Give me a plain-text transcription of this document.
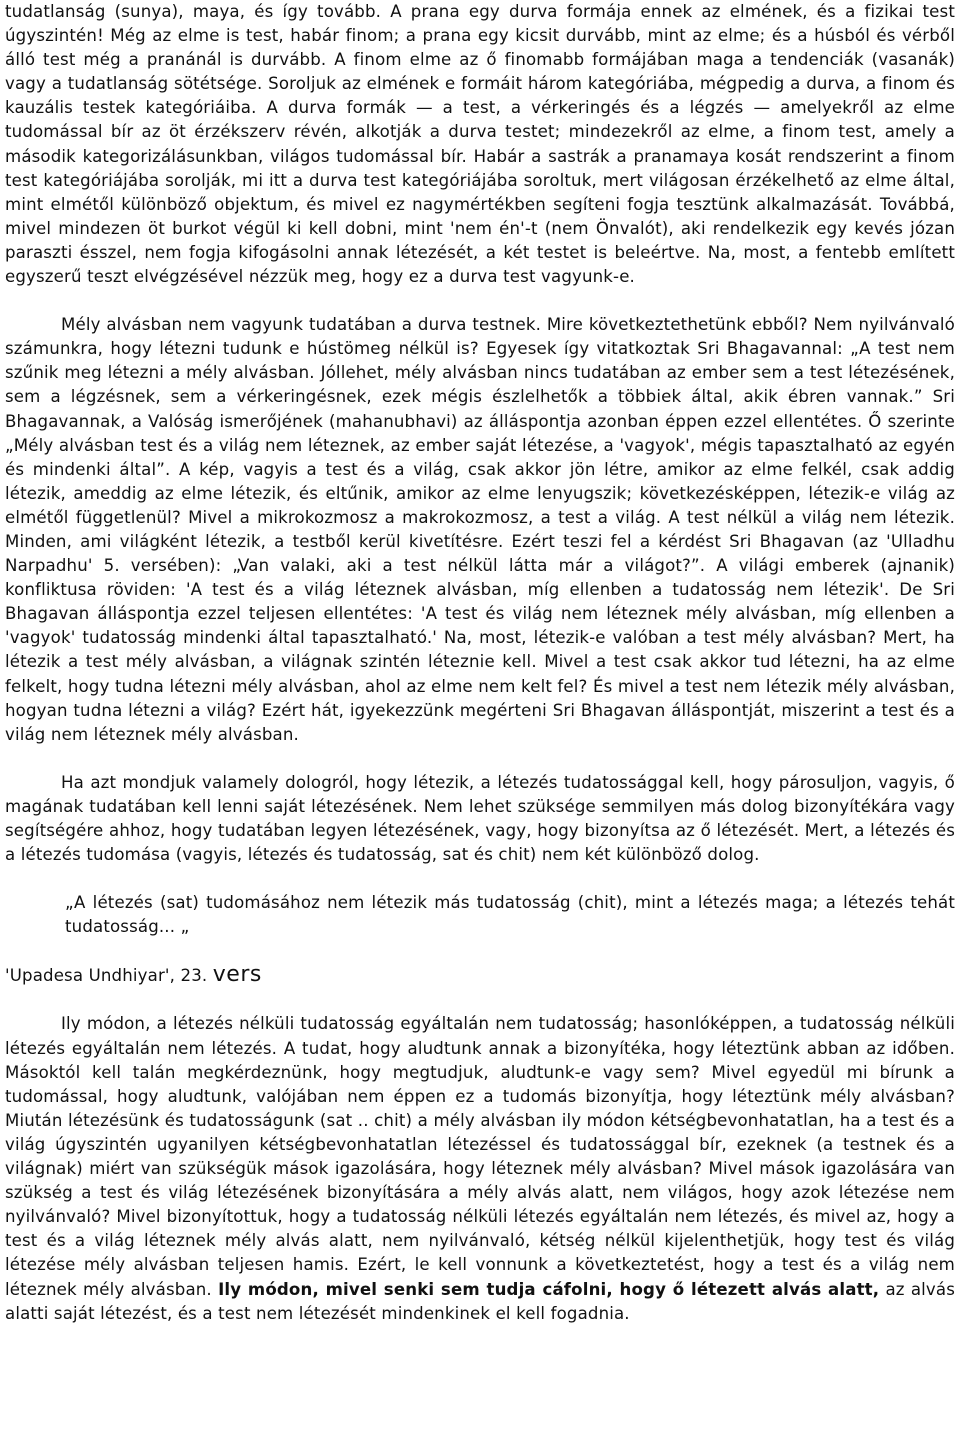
tudatlanság (sunya), maya, és így tovább. A prana egy durva formája ennek az elmének, és a fizikai test úgyszintén! Még az elme is test, habár finom; a prana egy kicsit durvább, mint az elme; és a húsból és vérből álló test még a pranánál is durvább. A finom elme az ő finomabb formájában maga a tendenciák (vasanák) vagy a tudatlanság sötétsége. Soroljuk az elmének e formáit három kategóriába, mégpedig a durva, a finom és kauzális testek kategóriáiba. A durva formák — a test, a vérkeringés és a légzés — amelyekről az elme tudomással bír az öt érzékszerv révén, alkotják a durva testet; mindezekről az elme, a finom test, amely a második kategorizálásunkban, világos tudomással bír. Habár a sastrák a pranamaya kosát rendszerint a finom test kategóriájába sorolják, mi itt a durva test kategóriájába soroltuk, mert világosan érzékelhető az elme által, mint elmétől különböző objektum, és mivel ez nagymértékben segíteni fogja tesztünk alkalmazását. Továbbá, mivel mindezen öt burkot végül ki kell dobni, mint 'nem én'-t (nem Önvalót), aki rendelkezik egy kevés józan paraszti ésszel, nem fogja kifogásolni annak létezését, a két testet is beleértve. Na, most, a fentebb említett egyszerű teszt elvégzésével nézzük meg, hogy ez a durva test vagyunk-e.

Mély alvásban nem vagyunk tudatában a durva testnek. Mire következtethetünk ebből? Nem nyilvánvaló számunkra, hogy létezni tudunk e hústömeg nélkül is? Egyesek így vitatkoztak Sri Bhagavannal: „A test nem szűnik meg létezni a mély alvásban. Jóllehet, mély alvásban nincs tudatában az ember sem a test létezésének, sem a légzésnek, sem a vérkeringésnek, ezek mégis észlelhetők a többiek által, akik ébren vannak.” Sri Bhagavannak, a Valóság ismerőjének (mahanubhavi) az álláspontja azonban éppen ezzel ellentétes. Ő szerinte „Mély alvásban test és a világ nem léteznek, az ember saját létezése, a 'vagyok', mégis tapasztalható az egyén és mindenki által”. A kép, vagyis a test és a világ, csak akkor jön létre, amikor az elme felkél, csak addig létezik, ameddig az elme létezik, és eltűnik, amikor az elme lenyugszik; következésképpen, létezik-e világ az elmétől függetlenül? Mivel a mikrokozmosz a makrokozmosz, a test a világ. A test nélkül a világ nem létezik. Minden, ami világként létezik, a testből kerül kivetítésre. Ezért teszi fel a kérdést Sri Bhagavan (az 'Ulladhu Narpadhu' 5. versében): „Van valaki, aki a test nélkül látta már a világot?”. A világi emberek (ajnanik) konfliktusa röviden: 'A test és a világ léteznek alvásban, míg ellenben a tudatosság nem létezik'. De Sri Bhagavan álláspontja ezzel teljesen ellentétes: 'A test és világ nem léteznek mély alvásban, míg ellenben a 'vagyok' tudatosság mindenki által tapasztalható.' Na, most, létezik-e valóban a test mély alvásban? Mert, ha létezik a test mély alvásban, a világnak szintén léteznie kell. Mivel a test csak akkor tud létezni, ha az elme felkelt, hogy tudna létezni mély alvásban, ahol az elme nem kelt fel? És mivel a test nem létezik mély alvásban, hogyan tudna létezni a világ? Ezért hát, igyekezzünk megérteni Sri Bhagavan álláspontját, miszerint a test és a világ nem léteznek mély alvásban.

Ha azt mondjuk valamely dologról, hogy létezik, a létezés tudatossággal kell, hogy párosuljon, vagyis, ő magának tudatában kell lenni saját létezésének. Nem lehet szüksége semmilyen más dolog bizonyítékára vagy segítségére ahhoz, hogy tudatában legyen létezésének, vagy, hogy bizonyítsa az ő létezését. Mert, a létezés és a létezés tudomása (vagyis, létezés és tudatosság, sat és chit) nem két különböző dolog.

„A létezés (sat) tudomásához nem létezik más tudatosság (chit), mint a létezés maga; a létezés tehát tudatosság... „

'Upadesa Undhiyar', 23. vers

Ily módon, a létezés nélküli tudatosság egyáltalán nem tudatosság; hasonlóképpen, a tudatosság nélküli létezés egyáltalán nem létezés. A tudat, hogy aludtunk annak a bizonyítéka, hogy léteztünk abban az időben. Másoktól kell talán megkérdeznünk, hogy megtudjuk, aludtunk-e vagy sem? Mivel egyedül mi bírunk a tudomással, hogy aludtunk, valójában nem éppen ez a tudomás bizonyítja, hogy léteztünk mély alvásban? Miután létezésünk és tudatosságunk (sat .. chit) a mély alvásban ily módon kétségbevonhatatlan, ha a test és a világ úgyszintén ugyanilyen kétségbevonhatatlan létezéssel és tudatossággal bír, ezeknek (a testnek és a világnak) miért van szükségük mások igazolására, hogy léteznek mély alvásban? Mivel mások igazolására van szükség a test és világ létezésének bizonyítására a mély alvás alatt, nem világos, hogy azok létezése nem nyilvánvaló? Mivel bizonyítottuk, hogy a tudatosság nélküli létezés egyáltalán nem létezés, és mivel az, hogy a test és a világ léteznek mély alvás alatt, nem nyilvánvaló, kétség nélkül kijelenthetjük, hogy test és világ létezése mély alvásban teljesen hamis. Ezért, le kell vonnunk a következtetést, hogy a test és a világ nem léteznek mély alvásban. Ily módon, mivel senki sem tudja cáfolni, hogy ő létezett alvás alatt, az alvás alatti saját létezést, és a test nem létezését mindenkinek el kell fogadnia.
